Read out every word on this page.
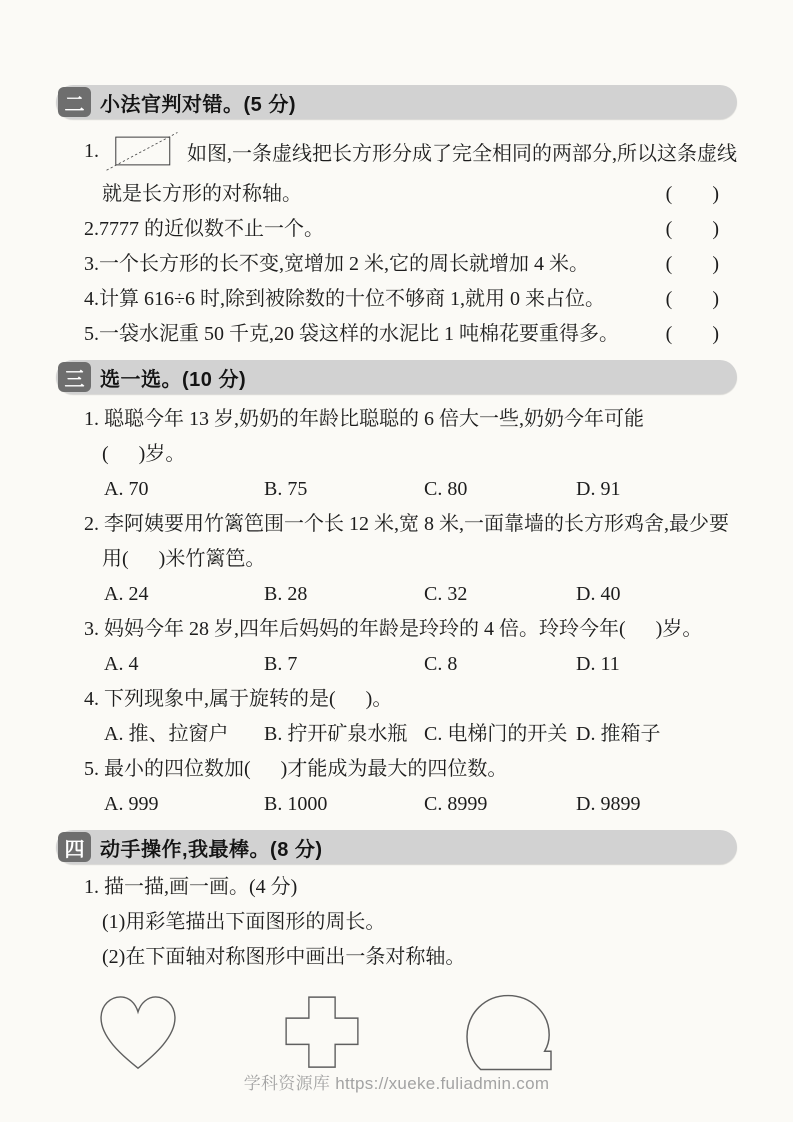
二 小法官判对错。(5 分)
1.	如图,一条虚线把长方形分成了完全相同的两部分,所以这条虚线
就是长方形的对称轴。	(        )
2.7777 的近似数不止一个。	(        )
3.一个长方形的长不变,宽增加 2 米,它的周长就增加 4 米。	(        )
4.计算 616÷6 时,除到被除数的十位不够商 1,就用 0 来占位。	(        )
5.一袋水泥重 50 千克,20 袋这样的水泥比 1 吨棉花要重得多。 (        )
三 选一选。(10 分)
1. 聪聪今年 13 岁,奶奶的年龄比聪聪的 6 倍大一些,奶奶今年可能
(      )岁。
A. 70	B. 75	C. 80	D. 91
2. 李阿姨要用竹篱笆围一个长 12 米,宽 8 米,一面靠墙的长方形鸡舍,最少要
用(      )米竹篱笆。
A. 24	B. 28	C. 32	D. 40
3. 妈妈今年 28 岁,四年后妈妈的年龄是玲玲的 4 倍。玲玲今年(      )岁。
A. 4	B. 7	C. 8	D. 11
4. 下列现象中,属于旋转的是(      )。
A. 推、拉窗户	B. 拧开矿泉水瓶 C. 电梯门的开关 D. 推箱子
5. 最小的四位数加(      )才能成为最大的四位数。
A. 999	B. 1000	C. 8999	D. 9899
四 动手操作,我最棒。(8 分)
1. 描一描,画一画。(4 分)
(1)用彩笔描出下面图形的周长。
(2)在下面轴对称图形中画出一条对称轴。
学科资源库 https://xueke.fuliadmin.com
